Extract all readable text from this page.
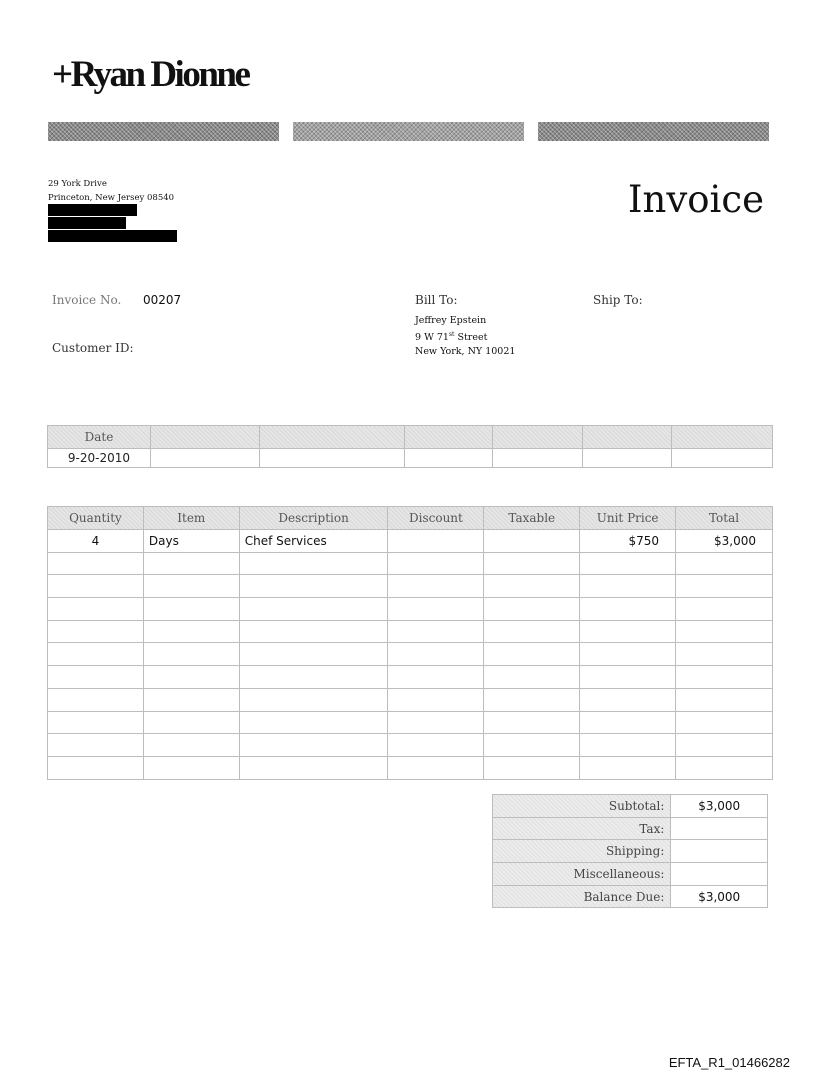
+Ryan Dionne
29 York Drive
Princeton, New Jersey 08540	Invoice
Invoice No. 00207
Customer ID:
Bill To:	Ship To:
Jeffrey Epstein
9 W 71st Street
New York, NY 10021
Date						
9-20-2010						
Quantity	Item	Description	Discount	Taxable	Unit Price	Total
4	Days	Chef Services			$750	$3,000

Subtotal:	$3,000
Tax:	
Shipping:	
Miscellaneous:	
Balance Due:	$3,000
EFTA_R1_01466282
